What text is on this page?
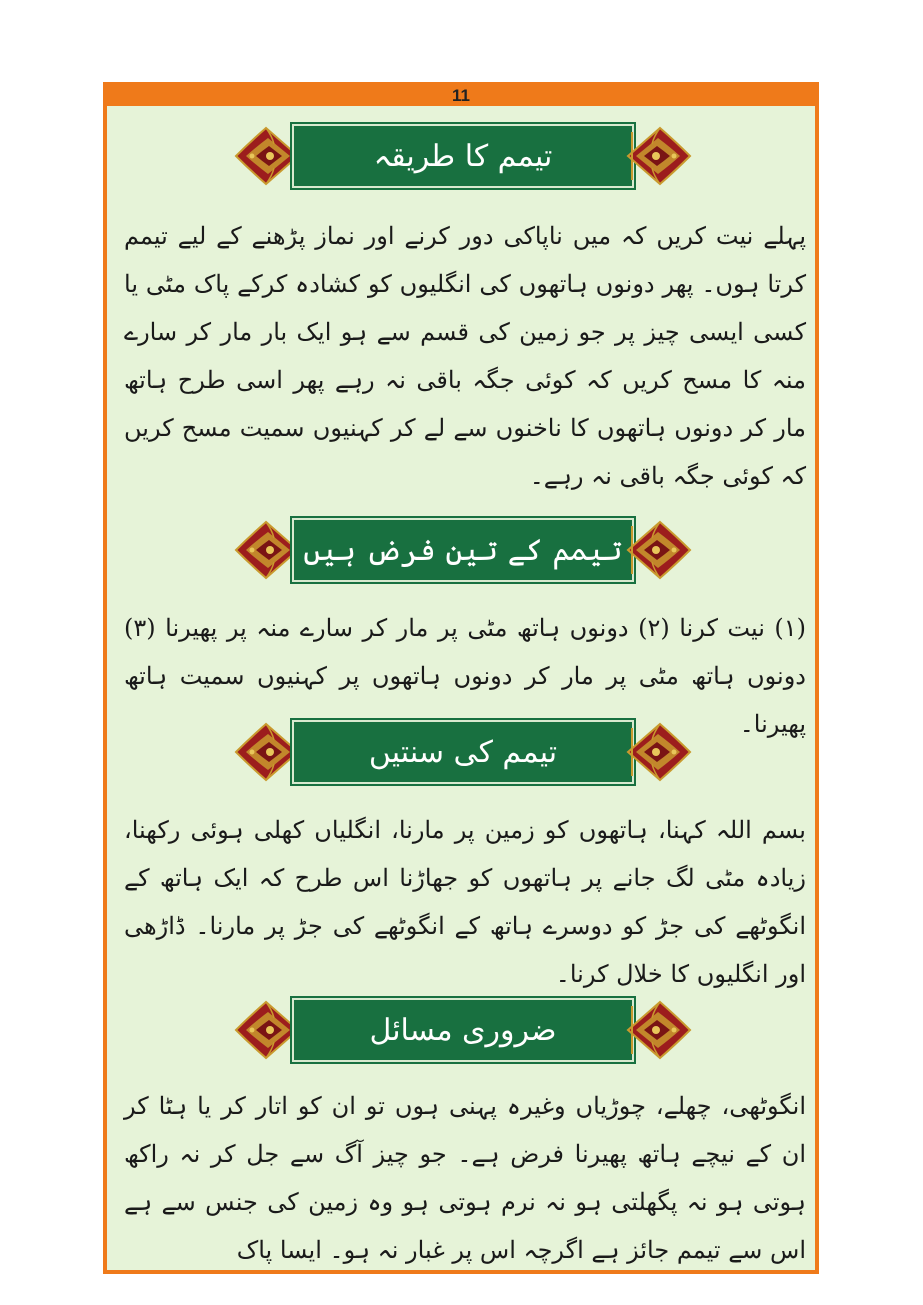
11
تیمم کا طریقہ

پہلے نیت کریں کہ میں ناپاکی دور کرنے اور نماز پڑھنے کے لیے تیمم کرتا ہوں۔ پھر دونوں ہاتھوں کی انگلیوں کو کشادہ کرکے پاک مٹی یا کسی ایسی چیز پر جو زمین کی قسم سے ہو ایک بار مار کر سارے منہ کا مسح کریں کہ کوئی جگہ باقی نہ رہے پھر اسی طرح ہاتھ مار کر دونوں ہاتھوں کا ناخنوں سے لے کر کہنیوں سمیت مسح کریں کہ کوئی جگہ باقی نہ رہے۔

تیمم کے تین فرض ہیں

(۱) نیت کرنا (۲) دونوں ہاتھ مٹی پر مار کر سارے منہ پر پھیرنا (۳) دونوں ہاتھ مٹی پر مار کر دونوں ہاتھوں پر کہنیوں سمیت ہاتھ پھیرنا۔

تیمم کی سنتیں

بسم اللہ کہنا، ہاتھوں کو زمین پر مارنا، انگلیاں کھلی ہوئی رکھنا، زیادہ مٹی لگ جانے پر ہاتھوں کو جھاڑنا اس طرح کہ ایک ہاتھ کے انگوٹھے کی جڑ کو دوسرے ہاتھ کے انگوٹھے کی جڑ پر مارنا۔ ڈاڑھی اور انگلیوں کا خلال کرنا۔

ضروری مسائل

انگوٹھی، چھلے، چوڑیاں وغیرہ پہنی ہوں تو ان کو اتار کر یا ہٹا کر ان کے نیچے ہاتھ پھیرنا فرض ہے۔ جو چیز آگ سے جل کر نہ راکھ ہوتی ہو نہ پگھلتی ہو نہ نرم ہوتی ہو وہ زمین کی جنس سے ہے اس سے تیمم جائز ہے اگرچہ اس پر غبار نہ ہو۔ ایسا پاک
